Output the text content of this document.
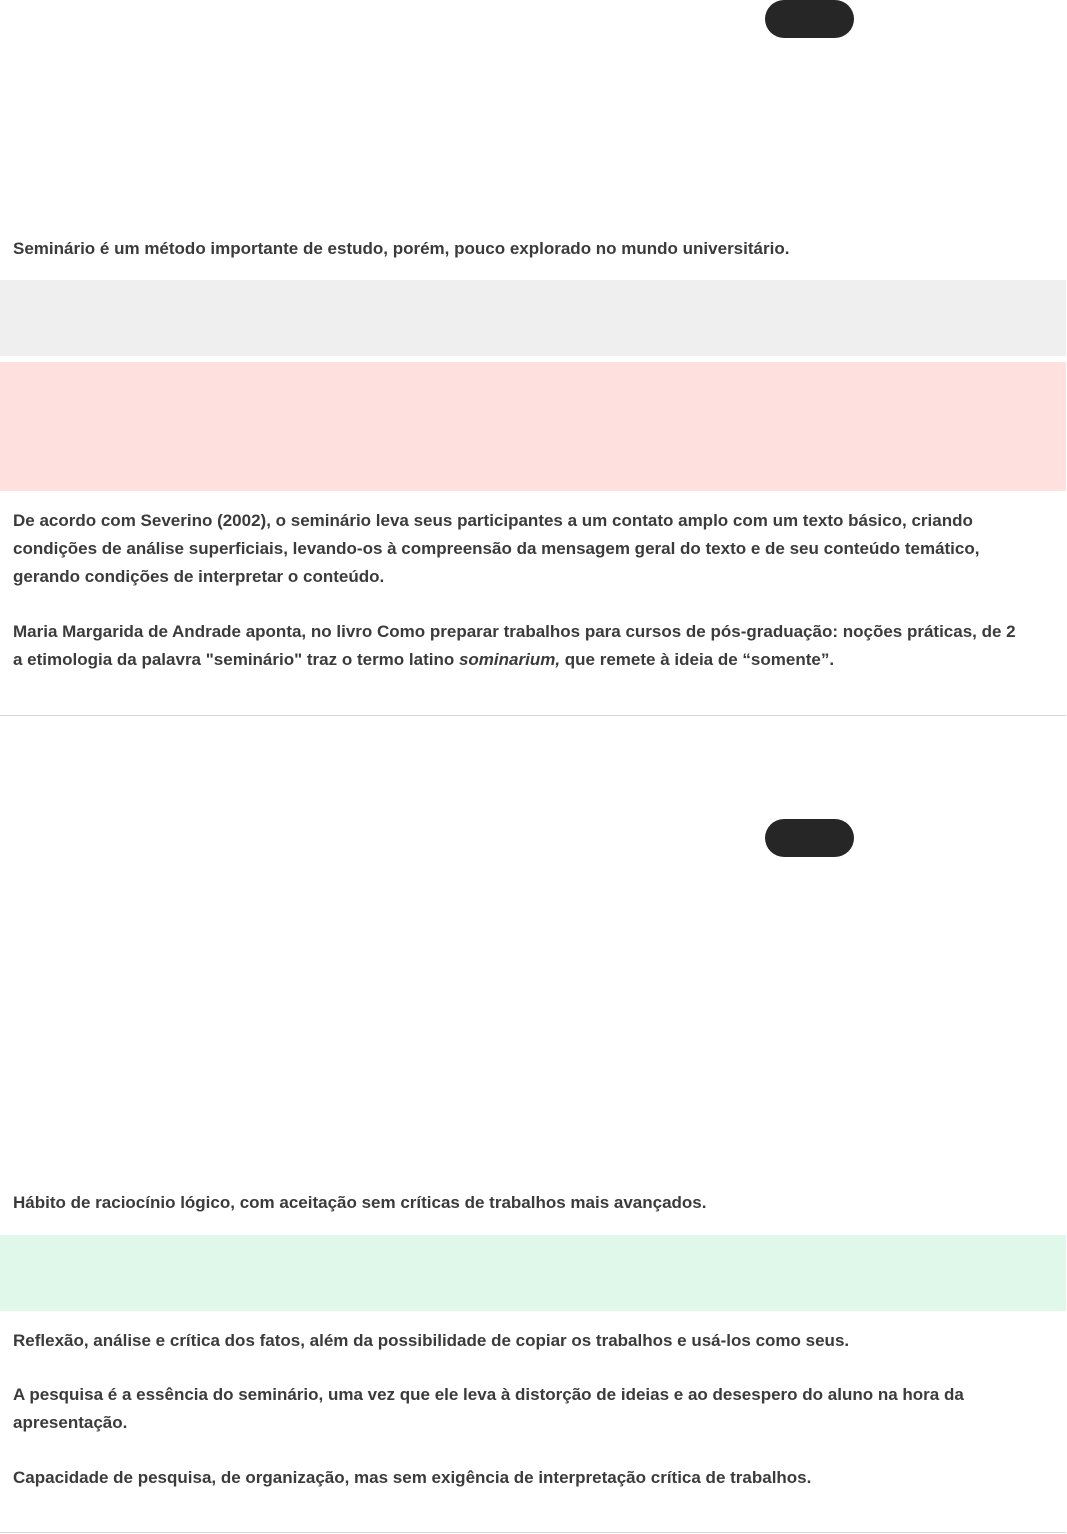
Seminário é um método importante de estudo, porém, pouco explorado no mundo universitário.

De acordo com Severino (2002), o seminário leva seus participantes a um contato amplo com um texto básico, criando

condições de análise superficiais, levando-os à compreensão da mensagem geral do texto e de seu conteúdo temático,

gerando condições de interpretar o conteúdo.

Maria Margarida de Andrade aponta, no livro Como preparar trabalhos para cursos de pós-graduação: noções práticas, de 2

a etimologia da palavra "seminário" traz o termo latino sominarium, que remete à ideia de “somente”.

Hábito de raciocínio lógico, com aceitação sem críticas de trabalhos mais avançados.

Reflexão, análise e crítica dos fatos, além da possibilidade de copiar os trabalhos e usá-los como seus.

A pesquisa é a essência do seminário, uma vez que ele leva à distorção de ideias e ao desespero do aluno na hora da

apresentação.

Capacidade de pesquisa, de organização, mas sem exigência de interpretação crítica de trabalhos.
